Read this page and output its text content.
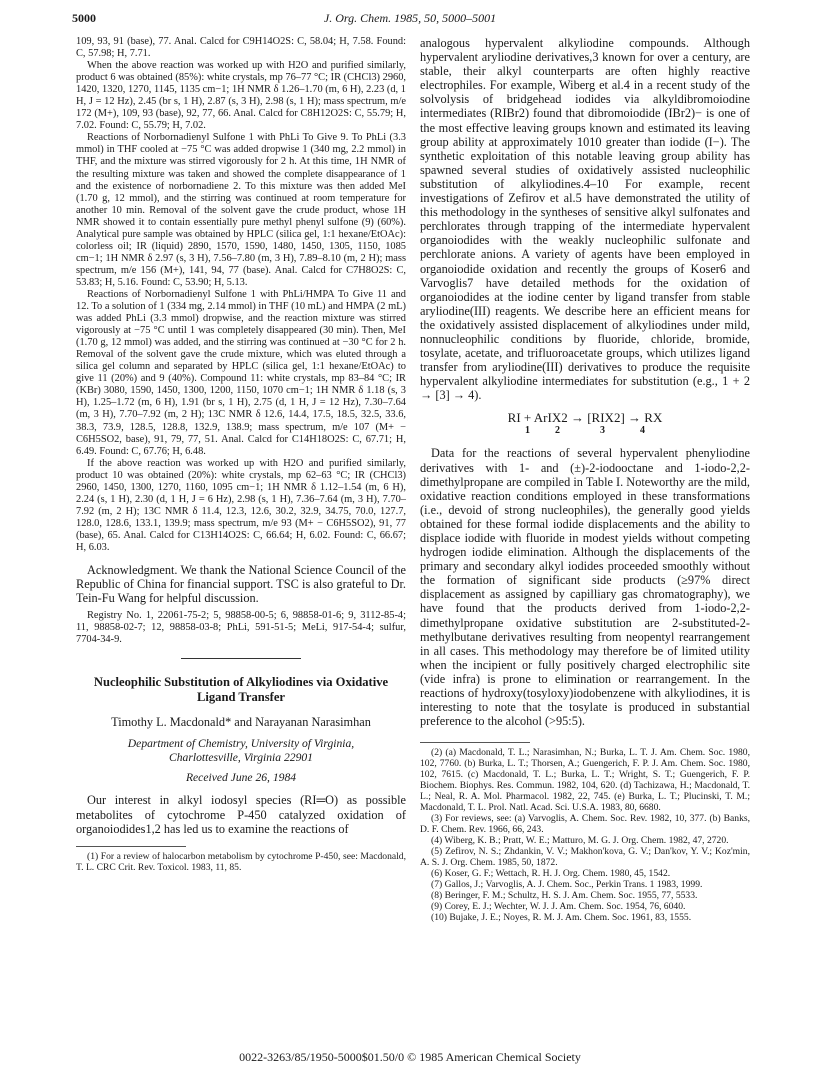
5000	J. Org. Chem. 1985, 50, 5000–5001

109, 93, 91 (base), 77. Anal. Calcd for C9H14O2S: C, 58.04; H, 7.58. Found: C, 57.98; H, 7.71.

When the above reaction was worked up with H2O and purified similarly, product 6 was obtained (85%): white crystals, mp 76–77 °C; IR (CHCl3) 2960, 1420, 1320, 1270, 1145, 1135 cm−1; 1H NMR δ 1.26–1.70 (m, 6 H), 2.23 (d, 1 H, J = 12 Hz), 2.45 (br s, 1 H), 2.87 (s, 3 H), 2.98 (s, 1 H); mass spectrum, m/e 172 (M+), 109, 93 (base), 92, 77, 66. Anal. Calcd for C8H12O2S: C, 55.79; H, 7.02. Found: C, 55.79; H, 7.02.

Reactions of Norbornadienyl Sulfone 1 with PhLi To Give 9. To PhLi (3.3 mmol) in THF cooled at −75 °C was added dropwise 1 (340 mg, 2.2 mmol) in THF, and the mixture was stirred vigorously for 2 h. At this time, 1H NMR of the resulting mixture was taken and showed the complete disappearance of 1 and the existence of norbornadiene 2. To this mixture was then added MeI (1.70 g, 12 mmol), and the stirring was continued at room temperature for another 10 min. Removal of the solvent gave the crude product, whose 1H NMR showed it to contain essentially pure methyl phenyl sulfone (9) (60%). Analytical pure sample was obtained by HPLC (silica gel, 1:1 hexane/EtOAc): colorless oil; IR (liquid) 2890, 1570, 1590, 1480, 1450, 1305, 1150, 1085 cm−1; 1H NMR δ 2.97 (s, 3 H), 7.56–7.80 (m, 3 H), 7.89–8.10 (m, 2 H); mass spectrum, m/e 156 (M+), 141, 94, 77 (base). Anal. Calcd for C7H8O2S: C, 53.83; H, 5.16. Found: C, 53.90; H, 5.13.

Reactions of Norbornadienyl Sulfone 1 with PhLi/HMPA To Give 11 and 12. To a solution of 1 (334 mg, 2.14 mmol) in THF (10 mL) and HMPA (2 mL) was added PhLi (3.3 mmol) dropwise, and the reaction mixture was stirred vigorously at −75 °C until 1 was completely disappeared (30 min). Then, MeI (1.70 g, 12 mmol) was added, and the stirring was continued at −30 °C for 2 h. Removal of the solvent gave the crude mixture, which was eluted through a silica gel column and separated by HPLC (silica gel, 1:1 hexane/EtOAc) to give 11 (20%) and 9 (40%). Compound 11: white crystals, mp 83–84 °C; IR (KBr) 3080, 1590, 1450, 1300, 1200, 1150, 1070 cm−1; 1H NMR δ 1.18 (s, 3 H), 1.25–1.72 (m, 6 H), 1.91 (br s, 1 H), 2.75 (d, 1 H, J = 12 Hz), 7.30–7.64 (m, 3 H), 7.70–7.92 (m, 2 H); 13C NMR δ 12.6, 14.4, 17.5, 18.5, 32.5, 33.6, 38.3, 73.9, 128.5, 128.8, 132.9, 138.9; mass spectrum, m/e 107 (M+ − C6H5SO2, base), 91, 79, 77, 51. Anal. Calcd for C14H18O2S: C, 67.71; H, 6.49. Found: C, 67.76; H, 6.48.

If the above reaction was worked up with H2O and purified similarly, product 10 was obtained (20%): white crystals, mp 62–63 °C; IR (CHCl3) 2960, 1450, 1300, 1270, 1160, 1095 cm−1; 1H NMR δ 1.12–1.54 (m, 6 H), 2.24 (s, 1 H), 2.30 (d, 1 H, J = 6 Hz), 2.98 (s, 1 H), 7.36–7.64 (m, 3 H), 7.70–7.92 (m, 2 H); 13C NMR δ 11.4, 12.3, 12.6, 30.2, 32.9, 34.75, 70.0, 127.7, 128.0, 128.6, 133.1, 139.9; mass spectrum, m/e 93 (M+ − C6H5SO2), 91, 77 (base), 65. Anal. Calcd for C13H14O2S: C, 66.64; H, 6.02. Found: C, 66.67; H, 6.03.

Acknowledgment. We thank the National Science Council of the Republic of China for financial support. TSC is also grateful to Dr. Tein-Fu Wang for helpful discussion.

Registry No. 1, 22061-75-2; 5, 98858-00-5; 6, 98858-01-6; 9, 3112-85-4; 11, 98858-02-7; 12, 98858-03-8; PhLi, 591-51-5; MeLi, 917-54-4; sulfur, 7704-34-9.

Nucleophilic Substitution of Alkyliodines via Oxidative Ligand Transfer
Timothy L. Macdonald* and Narayanan Narasimhan
Department of Chemistry, University of Virginia,
Charlottesville, Virginia 22901
Received June 26, 1984

Our interest in alkyl iodosyl species (RI═O) as possible metabolites of cytochrome P-450 catalyzed oxidation of organoiodides1,2 has led us to examine the reactions of

(1) For a review of halocarbon metabolism by cytochrome P-450, see: Macdonald, T. L. CRC Crit. Rev. Toxicol. 1983, 11, 85.

analogous hypervalent alkyliodine compounds. Although hypervalent aryliodine derivatives,3 known for over a century, are stable, their alkyl counterparts are often highly reactive electrophiles. For example, Wiberg et al.4 in a recent study of the solvolysis of bridgehead iodides via alkyldibromoiodine intermediates (RIBr2) found that dibromoiodide (IBr2)− is one of the most effective leaving groups known and estimated its leaving group ability at approximately 1010 greater than iodide (I−). The synthetic exploitation of this notable leaving group ability has spawned several studies of oxidatively assisted nucleophilic substitution of alkyliodines.4–10 For example, recent investigations of Zefirov et al.5 have demonstrated the utility of this methodology in the syntheses of sensitive alkyl sulfonates and perchlorates through trapping of the intermediate hypervalent organoiodides with the weakly nucleophilic sulfonate and perchlorate anions. A variety of agents have been employed in organoiodide oxidation and recently the groups of Koser6 and Varvoglis7 have detailed methods for the oxidation of organoiodides at the iodine center by ligand transfer from stable aryliodine(III) reagents. We describe here an efficient means for the oxidatively assisted displacement of alkyliodines under mild, nonnucleophilic conditions by fluoride, chloride, bromide, tosylate, acetate, and trifluoroacetate groups, which utilizes ligand transfer from aryliodine(III) derivatives to produce the requisite hypervalent alkyliodine intermediates for substitution (e.g., 1 + 2 → [3] → 4).

RI + ArIX2 → [RIX2] → RX
1          2                3              4

Data for the reactions of several hypervalent phenyliodine derivatives with 1- and (±)-2-iodooctane and 1-iodo-2,2-dimethylpropane are compiled in Table I. Noteworthy are the mild, oxidative reaction conditions employed in these transformations (i.e., devoid of strong nucleophiles), the generally good yields obtained for these formal iodide displacements and the ability to displace iodide with fluoride in modest yields without competing hydrogen iodide elimination. Although the displacements of the primary and secondary alkyl iodides proceeded smoothly without the formation of significant side products (≥97% direct displacement as assigned by capilliary gas chromatography), we have found that the products derived from 1-iodo-2,2-dimethylpropane oxidative substitution are 2-substituted-2-methylbutane derivatives resulting from neopentyl rearrangement in all cases. This methodology may therefore be of limited utility when the incipient or fully positively charged electrophilic site (vide infra) is prone to elimination or rearrangement. In the reactions of hydroxy(tosyloxy)iodobenzene with alkyliodines, it is interesting to note that the tosylate is produced in substantial preference to the alcohol (>95:5).

(2) (a) Macdonald, T. L.; Narasimhan, N.; Burka, L. T. J. Am. Chem. Soc. 1980, 102, 7760. (b) Burka, L. T.; Thorsen, A.; Guengerich, F. P. J. Am. Chem. Soc. 1980, 102, 7615. (c) Macdonald, T. L.; Burka, L. T.; Wright, S. T.; Guengerich, F. P. Biochem. Biophys. Res. Commun. 1982, 104, 620. (d) Tachizawa, H.; Macdonald, T. L.; Neal, R. A. Mol. Pharmacol. 1982, 22, 745. (e) Burka, L. T.; Plucinski, T. M.; Macdonald, T. L. Prol. Natl. Acad. Sci. U.S.A. 1983, 80, 6680.

(3) For reviews, see: (a) Varvoglis, A. Chem. Soc. Rev. 1982, 10, 377. (b) Banks, D. F. Chem. Rev. 1966, 66, 243.

(4) Wiberg, K. B.; Pratt, W. E.; Matturo, M. G. J. Org. Chem. 1982, 47, 2720.

(5) Zefirov, N. S.; Zhdankin, V. V.; Makhon'kova, G. V.; Dan'kov, Y. V.; Koz'min, A. S. J. Org. Chem. 1985, 50, 1872.

(6) Koser, G. F.; Wettach, R. H. J. Org. Chem. 1980, 45, 1542.

(7) Gallos, J.; Varvoglis, A. J. Chem. Soc., Perkin Trans. 1 1983, 1999.

(8) Beringer, F. M.; Schultz, H. S. J. Am. Chem. Soc. 1955, 77, 5533.

(9) Corey, E. J.; Wechter, W. J. J. Am. Chem. Soc. 1954, 76, 6040.

(10) Bujake, J. E.; Noyes, R. M. J. Am. Chem. Soc. 1961, 83, 1555.

0022-3263/85/1950-5000$01.50/0 © 1985 American Chemical Society
